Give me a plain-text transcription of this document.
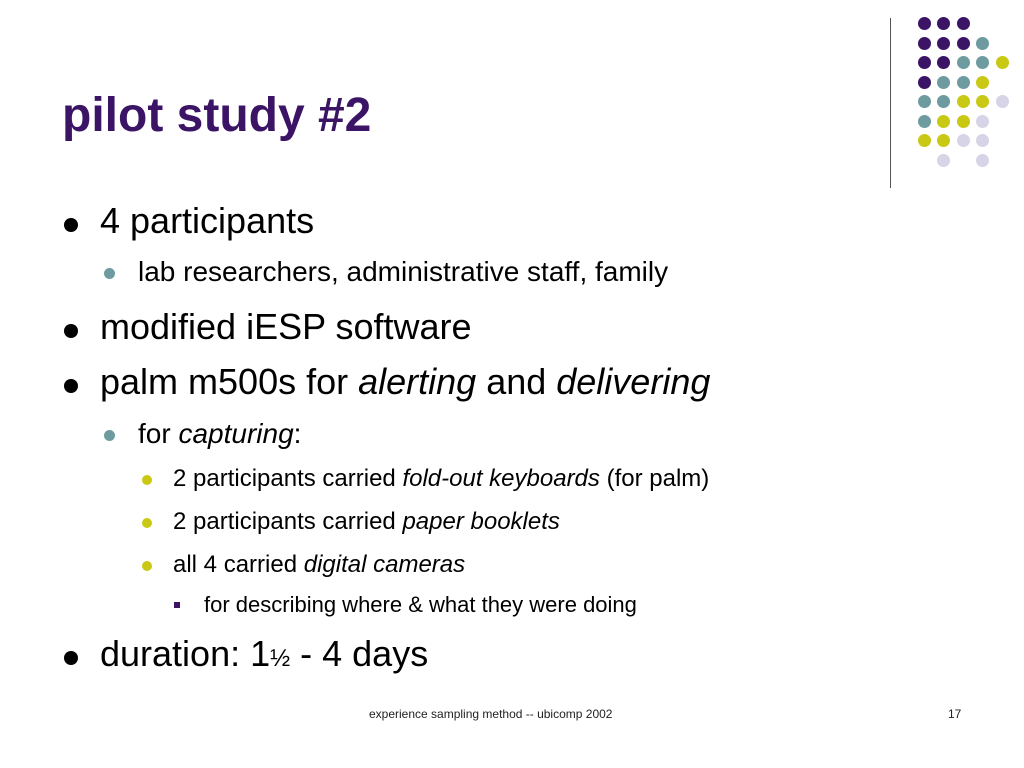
pilot study #2
4 participants
lab researchers, administrative staff, family
modified iESP software
palm m500s for alerting and delivering
for capturing:
2 participants carried fold-out keyboards (for palm)
2 participants carried paper booklets
all 4 carried digital cameras
for describing where & what they were doing
duration: 1½ - 4 days
experience sampling method -- ubicomp 2002	17
